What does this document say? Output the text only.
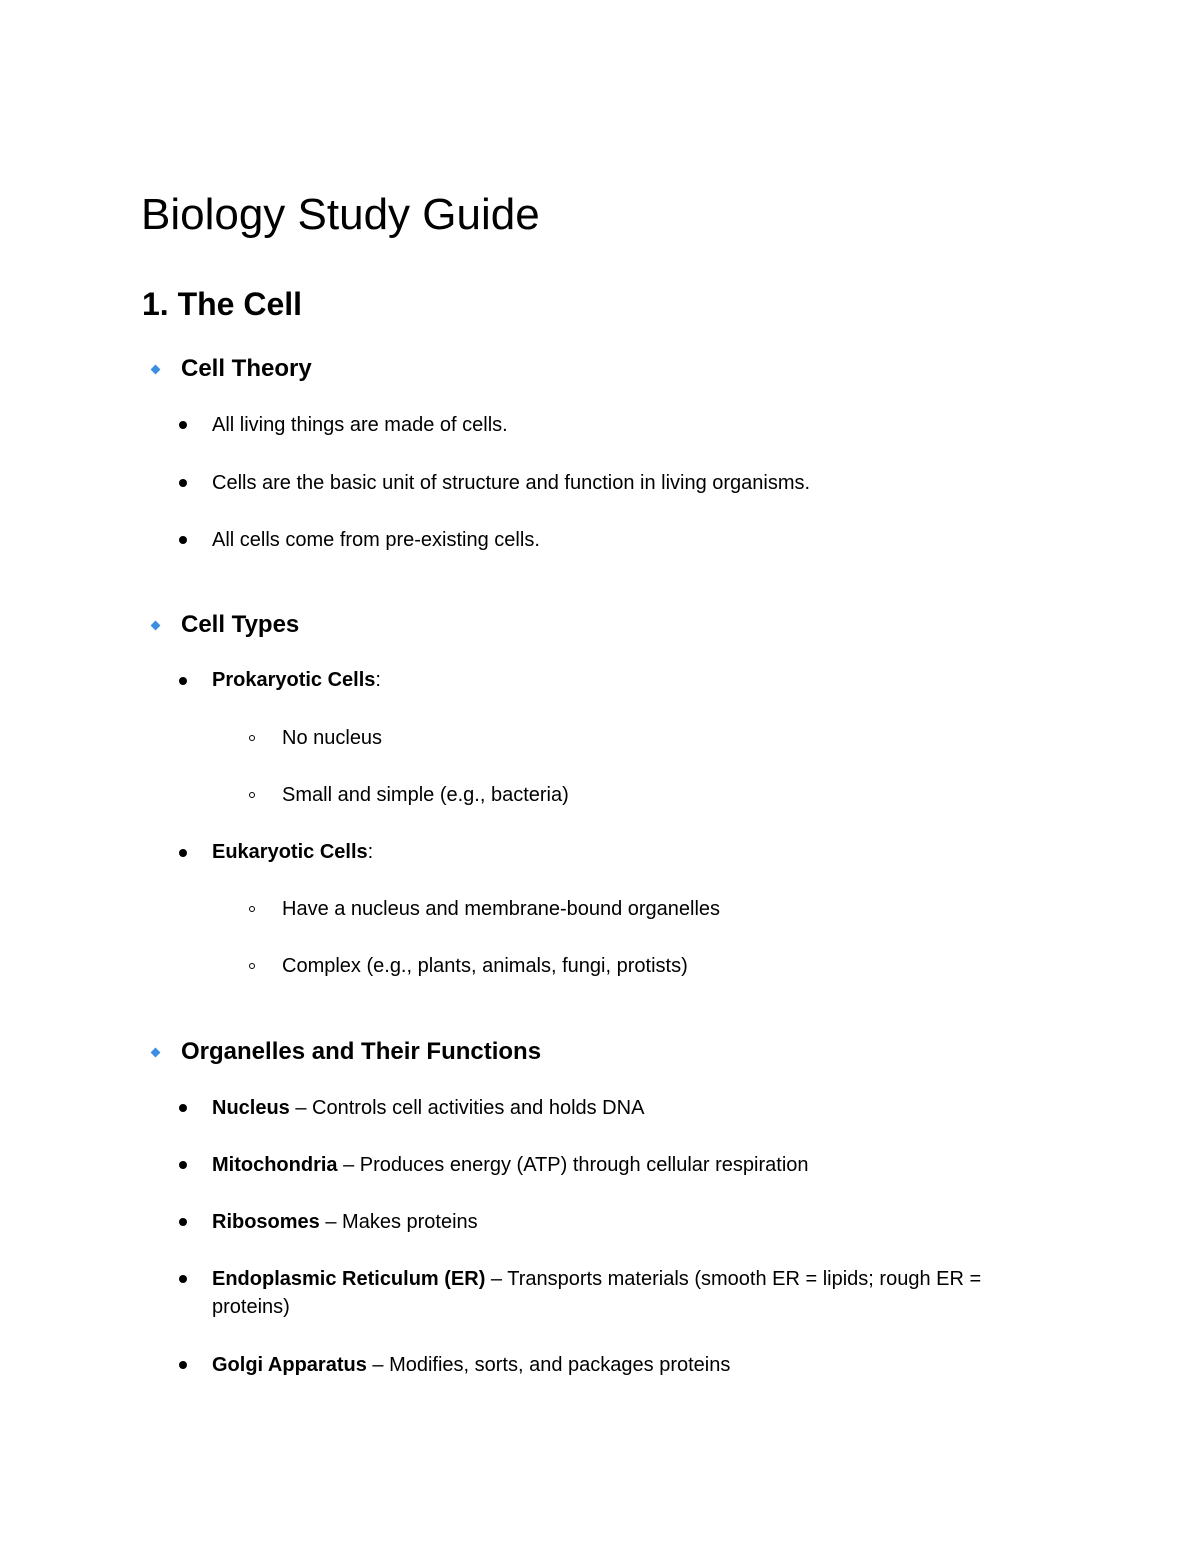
Biology Study Guide
1. The Cell
Cell Theory

All living things are made of cells.

Cells are the basic unit of structure and function in living organisms.

All cells come from pre-existing cells.

Cell Types

Prokaryotic Cells:

No nucleus

Small and simple (e.g., bacteria)

Eukaryotic Cells:

Have a nucleus and membrane-bound organelles

Complex (e.g., plants, animals, fungi, protists)

Organelles and Their Functions

Nucleus – Controls cell activities and holds DNA

Mitochondria – Produces energy (ATP) through cellular respiration

Ribosomes – Makes proteins

Endoplasmic Reticulum (ER) – Transports materials (smooth ER = lipids; rough ER = proteins)

Golgi Apparatus – Modifies, sorts, and packages proteins
